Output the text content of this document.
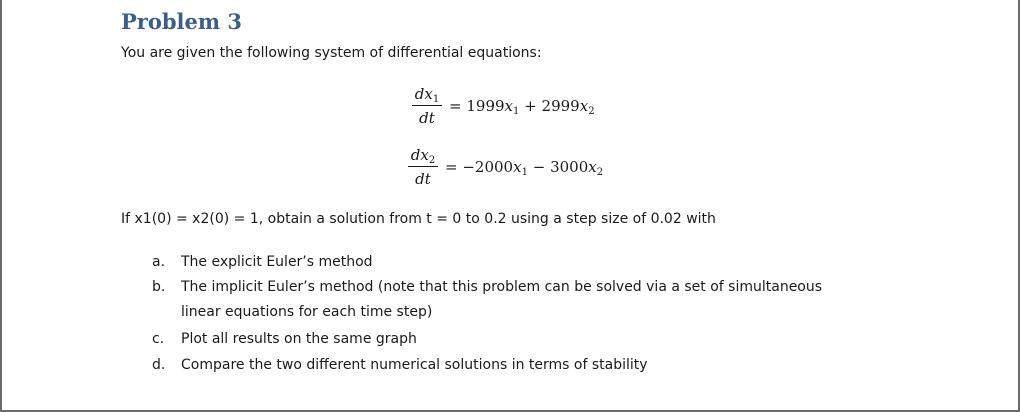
Problem 3
You are given the following system of differential equations:
$dx_1$
dt
= $1999x_1 + 2999x_2$
$dx_2$
dt
= $-2000x_1 - 3000x_2$
If x1(0) = x2(0) = 1, obtain a solution from t = 0 to 0.2 using a step size of 0.02 with
a.	The explicit Euler’s method
b.	The implicit Euler’s method (note that this problem can be solved via a set of simultaneous
linear equations for each time step)
c.	Plot all results on the same graph
d.	Compare the two different numerical solutions in terms of stability
